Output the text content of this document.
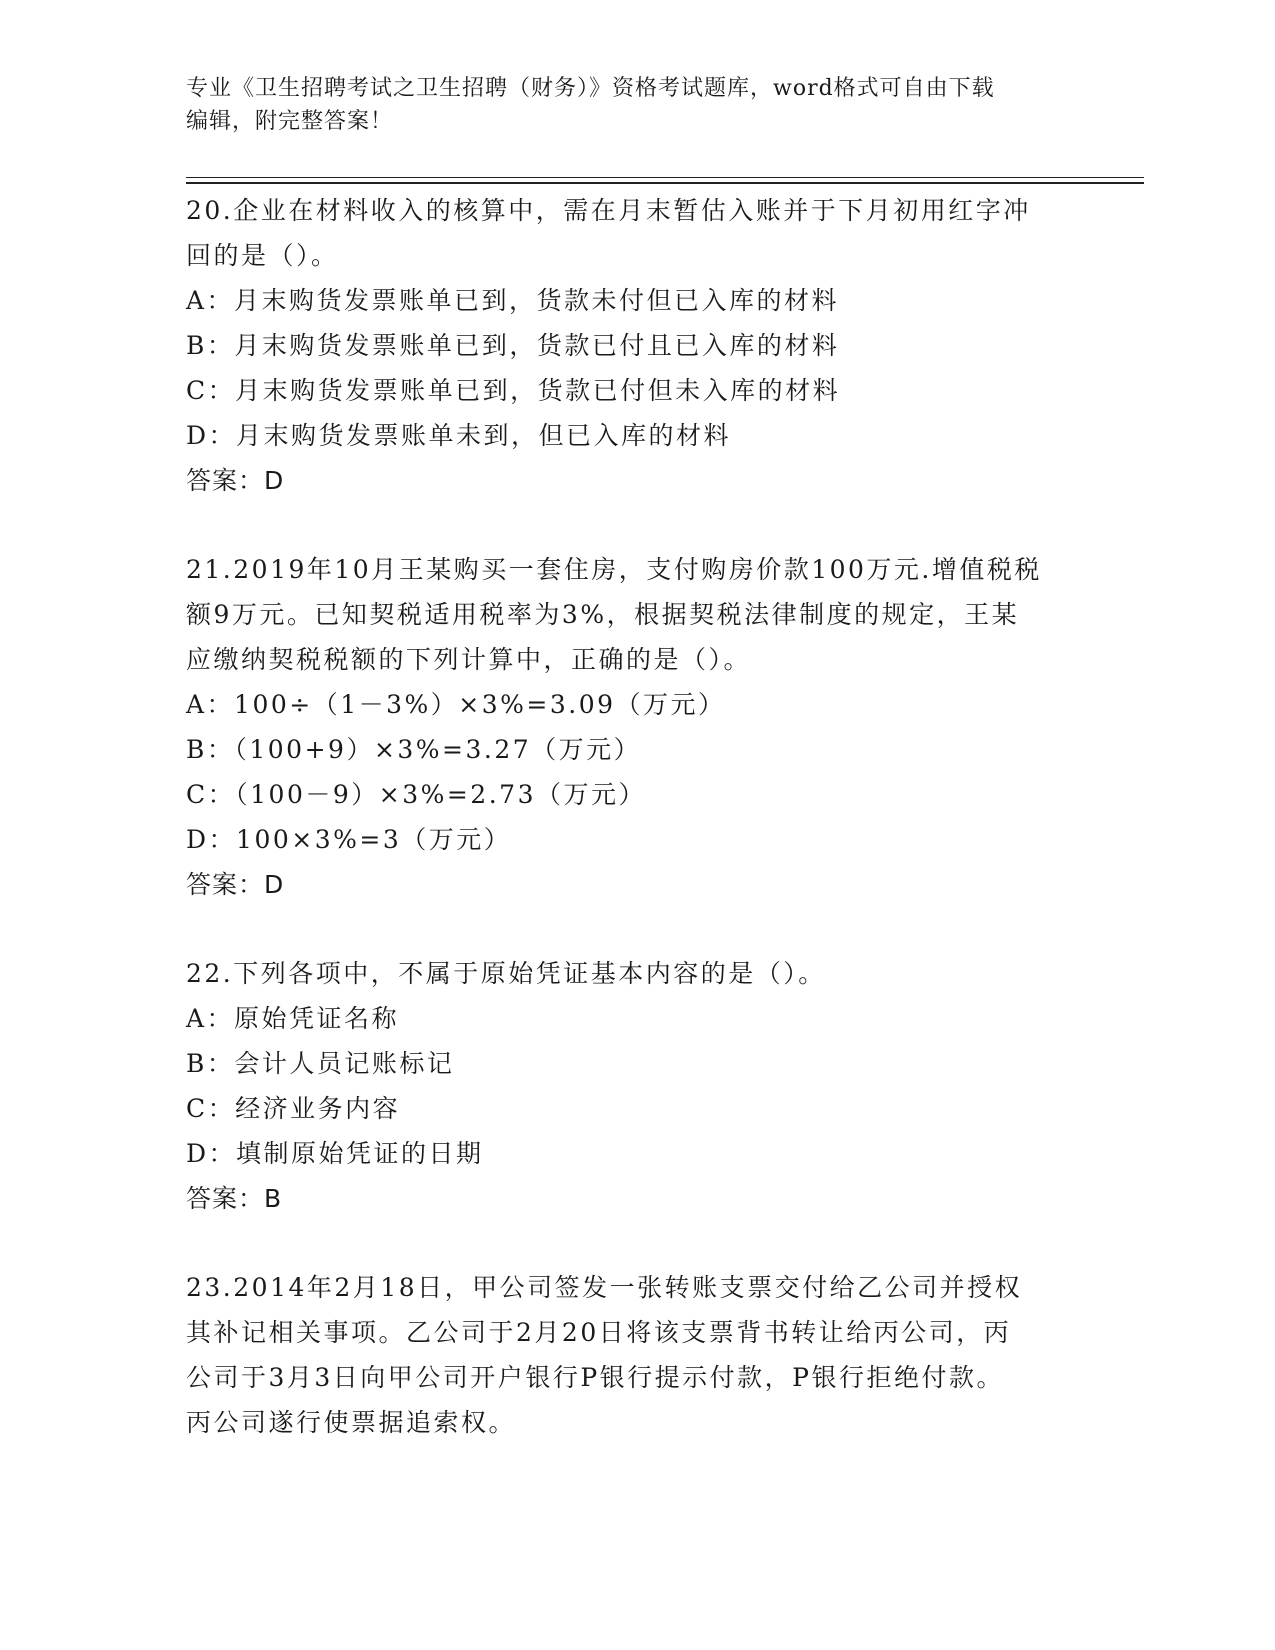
专业《卫生招聘考试之卫生招聘（财务）》资格考试题库，word格式可自由下载
编辑，附完整答案！

20.企业在材料收入的核算中，需在月末暂估入账并于下月初用红字冲

回的是（）。

A：月末购货发票账单已到，货款未付但已入库的材料

B：月末购货发票账单已到，货款已付且已入库的材料

C：月末购货发票账单已到，货款已付但未入库的材料

D：月末购货发票账单未到，但已入库的材料

答案：D

21.2019年10月王某购买一套住房，支付购房价款100万元.增值税税

额9万元。已知契税适用税率为3%，根据契税法律制度的规定，王某

应缴纳契税税额的下列计算中，正确的是（）。

A：100÷（1－3%）×3%=3.09（万元）

B：（100+9）×3%=3.27（万元）

C：（100－9）×3%=2.73（万元）

D：100×3%=3（万元）

答案：D

22.下列各项中，不属于原始凭证基本内容的是（）。

A：原始凭证名称

B：会计人员记账标记

C：经济业务内容

D：填制原始凭证的日期

答案：B

23.2014年2月18日，甲公司签发一张转账支票交付给乙公司并授权

其补记相关事项。乙公司于2月20日将该支票背书转让给丙公司，丙

公司于3月3日向甲公司开户银行P银行提示付款，P银行拒绝付款。

丙公司遂行使票据追索权。
